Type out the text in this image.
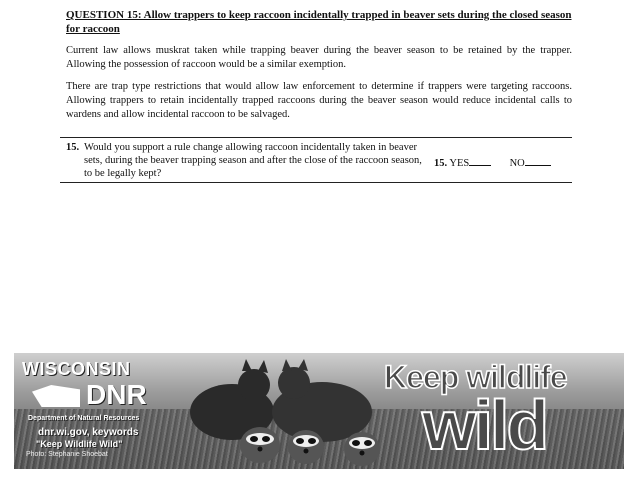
QUESTION 15: Allow trappers to keep raccoon incidentally trapped in beaver sets during the closed season for raccoon

Current law allows muskrat taken while trapping beaver during the beaver season to be retained by the trapper. Allowing the possession of raccoon would be a similar exemption.

There are trap type restrictions that would allow law enforcement to determine if trappers were targeting raccoons. Allowing trappers to retain incidentally trapped raccoons during the beaver season would reduce incidental calls to wardens and allow incidental raccoon to be salvaged.

15. Would you support a rule change allowing raccoon incidentally taken in beaver sets, during the beaver trapping season and after the close of the raccoon season, to be legally kept?
15. YES	NO
WISCONSIN
DNR
Department of Natural Resources
dnr.wi.gov, keywords
"Keep Wildlife Wild"
Photo: Stephanie Shoebat
Keep wildlife
wild
